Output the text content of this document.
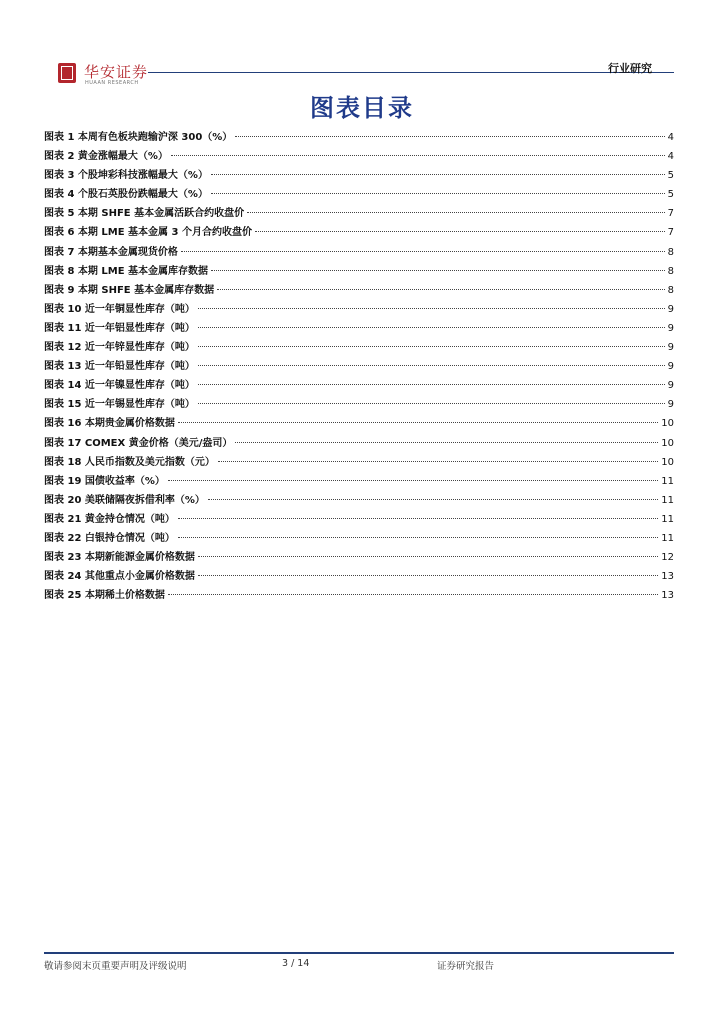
华安证券
HUAAN RESEARCH
行业研究
图表目录
图表 1 本周有色板块跑输沪深 300（%）	4
图表 2 黄金涨幅最大（%）	4
图表 3 个股坤彩科技涨幅最大（%）	5
图表 4 个股石英股份跌幅最大（%）	5
图表 5 本期 SHFE 基本金属活跃合约收盘价	7
图表 6 本期 LME 基本金属 3 个月合约收盘价	7
图表 7 本期基本金属现货价格	8
图表 8 本期 LME 基本金属库存数据	8
图表 9 本期 SHFE 基本金属库存数据	8
图表 10 近一年铜显性库存（吨）	9
图表 11 近一年铝显性库存（吨）	9
图表 12 近一年锌显性库存（吨）	9
图表 13 近一年铅显性库存（吨）	9
图表 14 近一年镍显性库存（吨）	9
图表 15 近一年锡显性库存（吨）	9
图表 16 本期贵金属价格数据	10
图表 17 COMEX 黄金价格（美元/盎司）	10
图表 18 人民币指数及美元指数（元）	10
图表 19 国债收益率（%）	11
图表 20 美联储隔夜拆借利率（%）	11
图表 21 黄金持仓情况（吨）	11
图表 22 白银持仓情况（吨）	11
图表 23 本期新能源金属价格数据	12
图表 24 其他重点小金属价格数据	13
图表 25 本期稀土价格数据	13
敬请参阅末页重要声明及评级说明	3 / 14	证券研究报告
